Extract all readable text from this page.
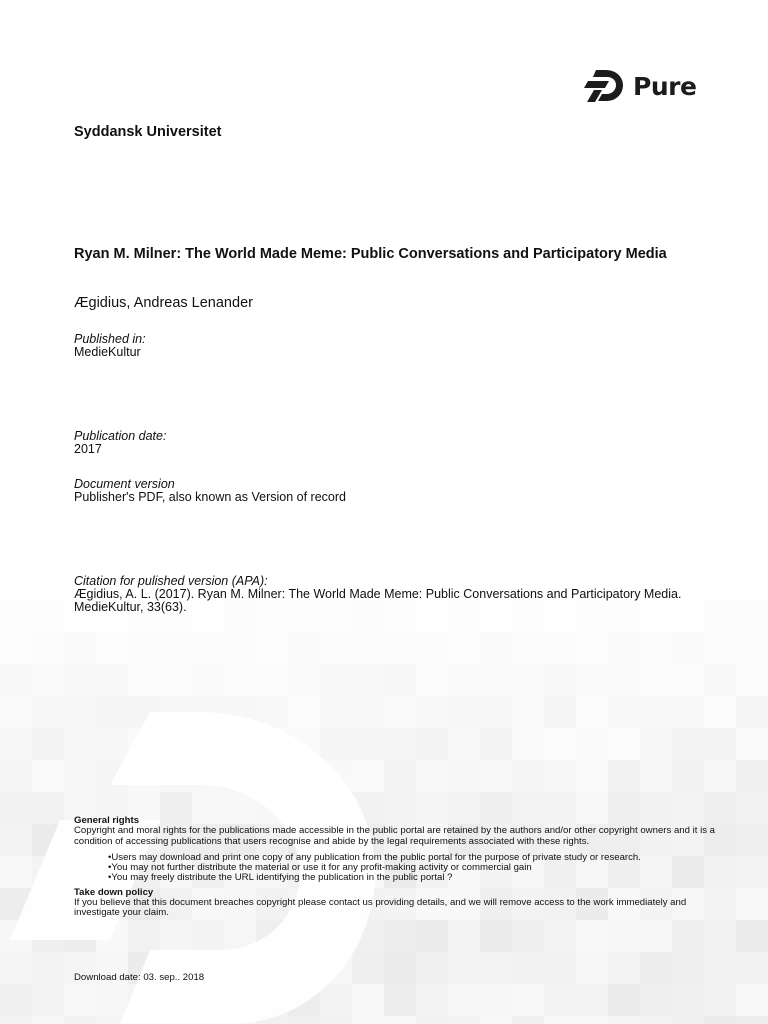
Pure
Syddansk Universitet
Ryan M. Milner: The World Made Meme: Public Conversations and Participatory Media
Ægidius, Andreas Lenander
Published in:
MedieKultur
Publication date:
2017
Document version
Publisher's PDF, also known as Version of record
Citation for pulished version (APA):
Ægidius, A. L. (2017). Ryan M. Milner: The World Made Meme: Public Conversations and Participatory Media.
MedieKultur, 33(63).
General rights
Copyright and moral rights for the publications made accessible in the public portal are retained by the authors and/or other copyright owners and it is a condition of accessing publications that users recognise and abide by the legal requirements associated with these rights.
• Users may download and print one copy of any publication from the public portal for the purpose of private study or research.
• You may not further distribute the material or use it for any profit-making activity or commercial gain
• You may freely distribute the URL identifying the publication in the public portal ?
Take down policy
If you believe that this document breaches copyright please contact us providing details, and we will remove access to the work immediately and investigate your claim.
Download date: 03. sep.. 2018
